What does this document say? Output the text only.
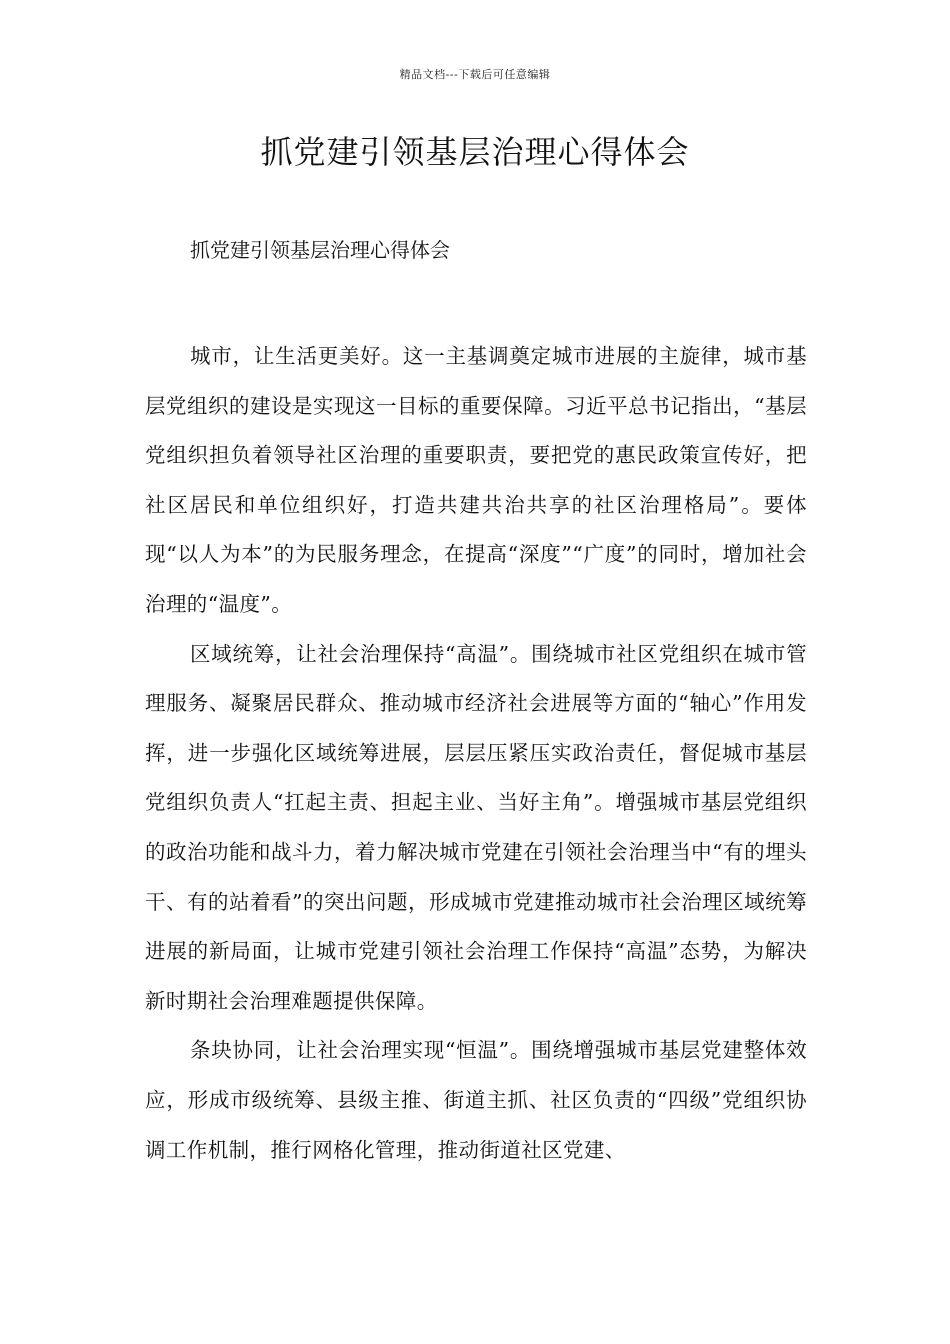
精品文档---下载后可任意编辑
抓党建引领基层治理心得体会

抓党建引领基层治理心得体会

城市，让生活更美好。这一主基调奠定城市进展的主旋律，城市基层党组织的建设是实现这一目标的重要保障。习近平总书记指出，“基层党组织担负着领导社区治理的重要职责，要把党的惠民政策宣传好，把社区居民和单位组织好，打造共建共治共享的社区治理格局”。要体现“以人为本”的为民服务理念，在提高“深度”“广度”的同时，增加社会治理的“温度”。

区域统筹，让社会治理保持“高温”。围绕城市社区党组织在城市管理服务、凝聚居民群众、推动城市经济社会进展等方面的“轴心”作用发挥，进一步强化区域统筹进展，层层压紧压实政治责任，督促城市基层党组织负责人“扛起主责、担起主业、当好主角”。增强城市基层党组织的政治功能和战斗力，着力解决城市党建在引领社会治理当中“有的埋头干、有的站着看”的突出问题，形成城市党建推动城市社会治理区域统筹进展的新局面，让城市党建引领社会治理工作保持“高温”态势，为解决新时期社会治理难题提供保障。

条块协同，让社会治理实现“恒温”。围绕增强城市基层党建整体效应，形成市级统筹、县级主推、街道主抓、社区负责的“四级”党组织协调工作机制，推行网格化管理，推动街道社区党建、
